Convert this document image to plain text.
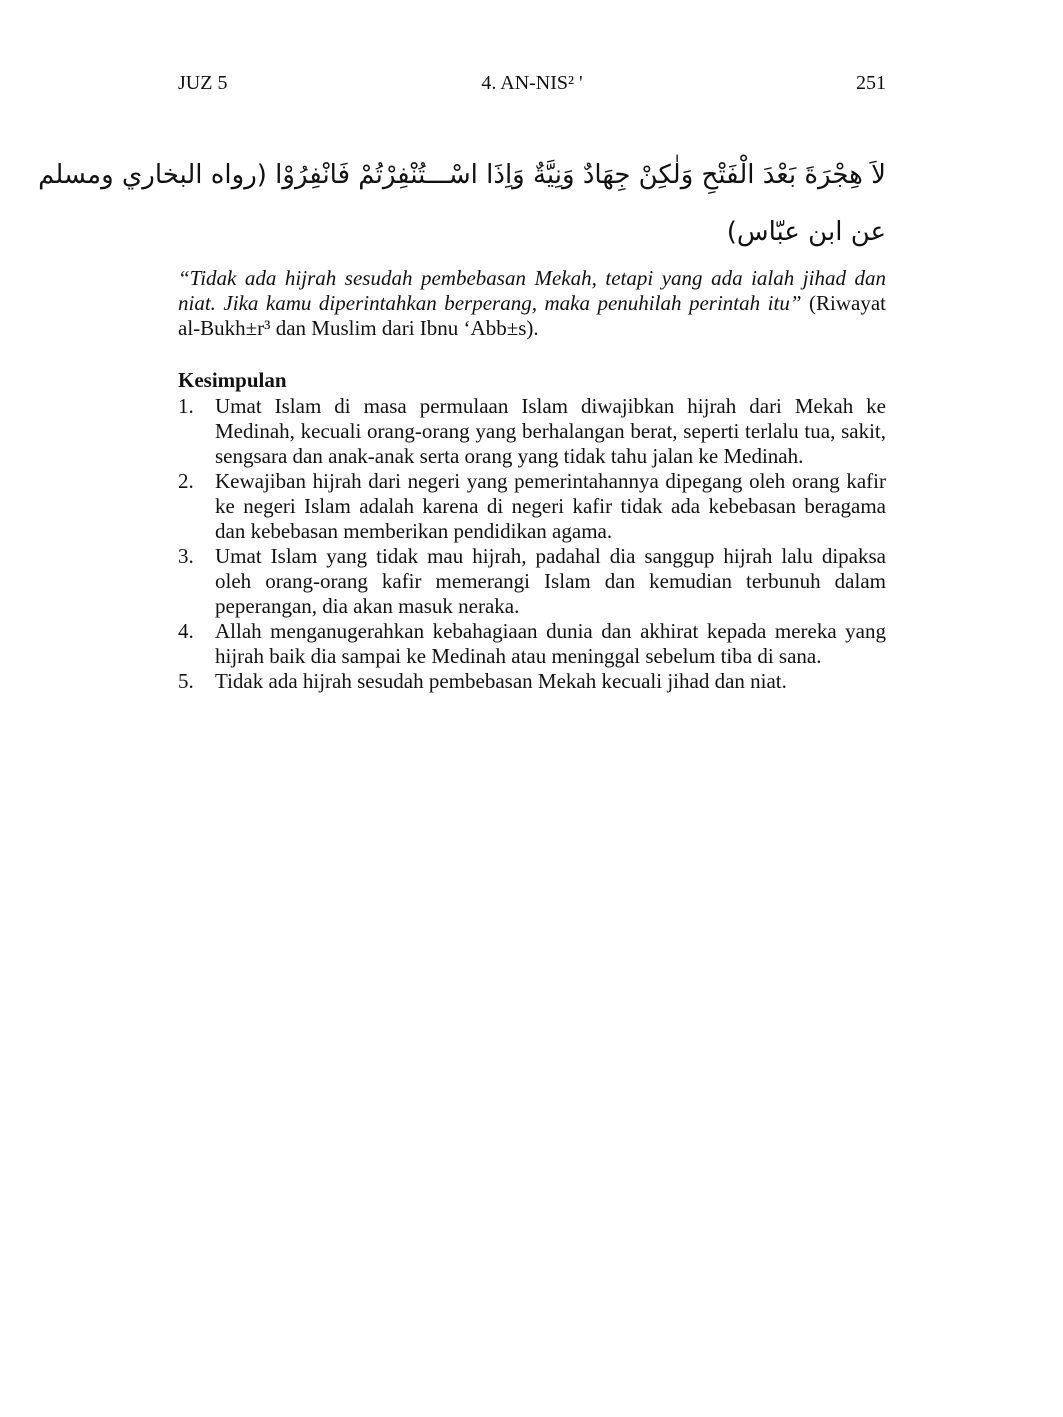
JUZ 5	4. AN-NIS² '	251
لاَ هِجْرَةَ بَعْدَ الْفَتْحِ وَلٰكِنْ جِهَادٌ وَنِيَّةٌ وَاِذَا اسْـــتُنْفِرْتُمْ فَانْفِرُوْا (رواه البخاري ومسلم
عن ابن عبّاس)
“Tidak ada hijrah sesudah pembebasan Mekah, tetapi yang ada ialah jihad dan niat. Jika kamu diperintahkan berperang, maka penuhilah perintah itu” (Riwayat al-Bukh±r³ dan Muslim dari Ibnu ‘Abb±s).
Kesimpulan
1. Umat Islam di masa permulaan Islam diwajibkan hijrah dari Mekah ke Medinah, kecuali orang-orang yang berhalangan berat, seperti terlalu tua, sakit, sengsara dan anak-anak serta orang yang tidak tahu jalan ke Medinah.
2. Kewajiban hijrah dari negeri yang pemerintahannya dipegang oleh orang kafir ke negeri Islam adalah karena di negeri kafir tidak ada kebebasan beragama dan kebebasan memberikan pendidikan agama.
3. Umat Islam yang tidak mau hijrah, padahal dia sanggup hijrah lalu dipaksa oleh orang-orang kafir memerangi Islam dan kemudian terbunuh dalam peperangan, dia akan masuk neraka.
4. Allah menganugerahkan kebahagiaan dunia dan akhirat kepada mereka yang hijrah baik dia sampai ke Medinah atau meninggal sebelum tiba di sana.
5. Tidak ada hijrah sesudah pembebasan Mekah kecuali jihad dan niat.
